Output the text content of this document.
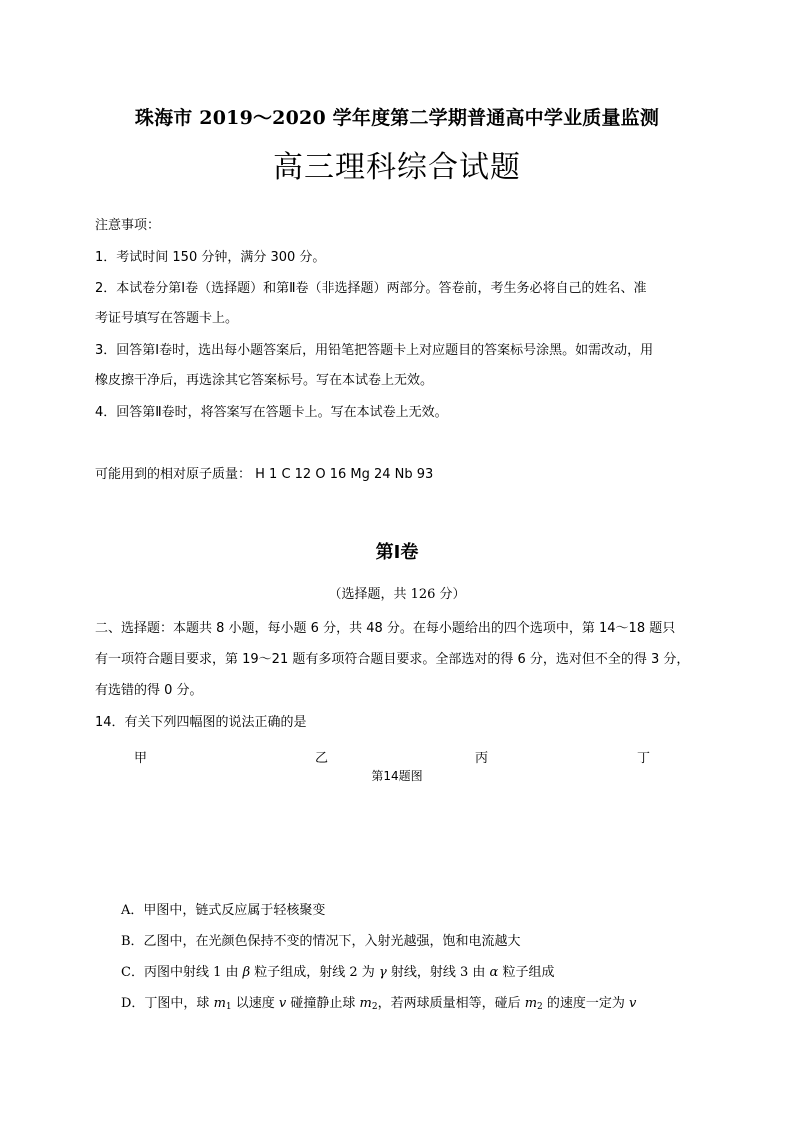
珠海市 2019～2020 学年度第二学期普通高中学业质量监测
高三理科综合试题
注意事项：
1．考试时间 150 分钟，满分 300 分。
2．本试卷分第Ⅰ卷（选择题）和第Ⅱ卷（非选择题）两部分。答卷前，考生务必将自己的姓名、准
考证号填写在答题卡上。
3．回答第Ⅰ卷时，选出每小题答案后，用铅笔把答题卡上对应题目的答案标号涂黑。如需改动，用
橡皮擦干净后，再选涂其它答案标号。写在本试卷上无效。
4．回答第Ⅱ卷时，将答案写在答题卡上。写在本试卷上无效。
可能用到的相对原子质量： H 1 C 12 O 16 Mg 24 Nb 93
第Ⅰ卷
（选择题，共 126 分）
二、选择题：本题共 8 小题，每小题 6 分，共 48 分。在每小题给出的四个选项中，第 14～18 题只
有一项符合题目要求，第 19～21 题有多项符合题目要求。全部选对的得 6 分，选对但不全的得 3 分，
有选错的得 0 分。
14．有关下列四幅图的说法正确的是
甲	乙	丙	丁
第14题图
A．甲图中，链式反应属于轻核聚变
B．乙图中，在光颜色保持不变的情况下，入射光越强，饱和电流越大
C．丙图中射线 1 由 β 粒子组成，射线 2 为 γ 射线，射线 3 由 α 粒子组成
D．丁图中，球 $m_1$ 以速度 v 碰撞静止球 $m_2$，若两球质量相等，碰后 $m_2$ 的速度一定为 v
